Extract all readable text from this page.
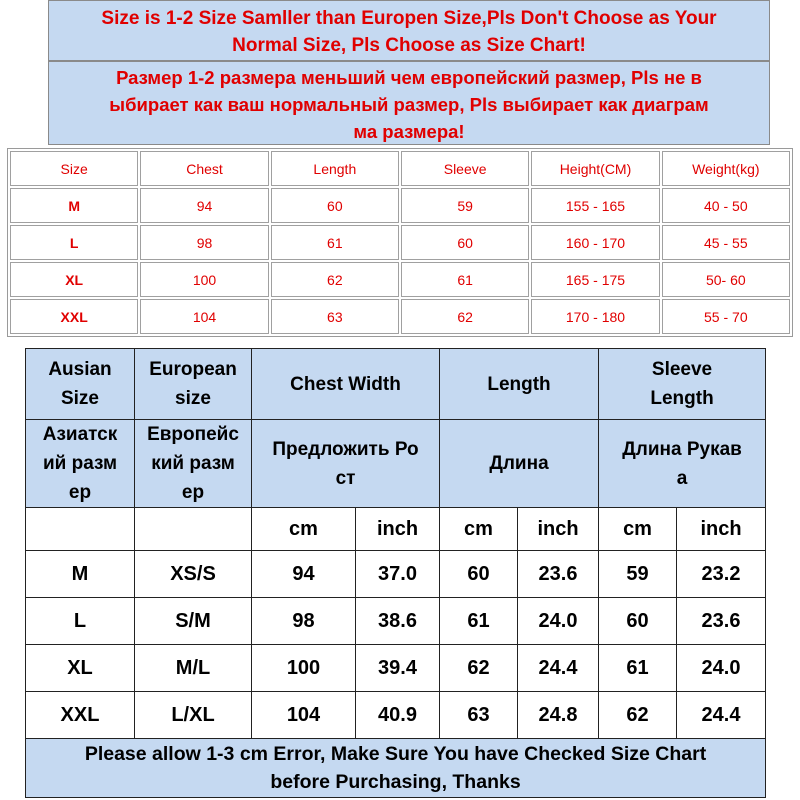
Size is 1-2 Size Samller than Europen Size,Pls Don't Choose as Your
Normal Size, Pls Choose as Size Chart!
Размер 1-2 размера меньший чем европейский размер, Pls не в
ыбирает как ваш нормальный размер, Pls выбирает как диаграм
ма размера!
Size	Chest	Length	Sleeve	Height(CM)	Weight(kg)
M	94	60	59	155 - 165	40 - 50
L	98	61	60	160 - 170	45 - 55
XL	100	62	61	165 - 175	50- 60
XXL	104	63	62	170 - 180	55 - 70
Ausian
Size	European
size	Chest Width		Length		Sleeve
Length	
Азиатск
ий разм
ер	Европейс
кий разм
ер	Предложить Ро
ст		Длина		Длина Рукав
а	
		cm	inch	cm	inch	cm	inch
M	XS/S	94	37.0	60	23.6	59	23.2
L	S/M	98	38.6	61	24.0	60	23.6
XL	M/L	100	39.4	62	24.4	61	24.0
XXL	L/XL	104	40.9	63	24.8	62	24.4
Please allow 1-3 cm Error, Make Sure You have Checked Size Chart
before Purchasing, Thanks							
